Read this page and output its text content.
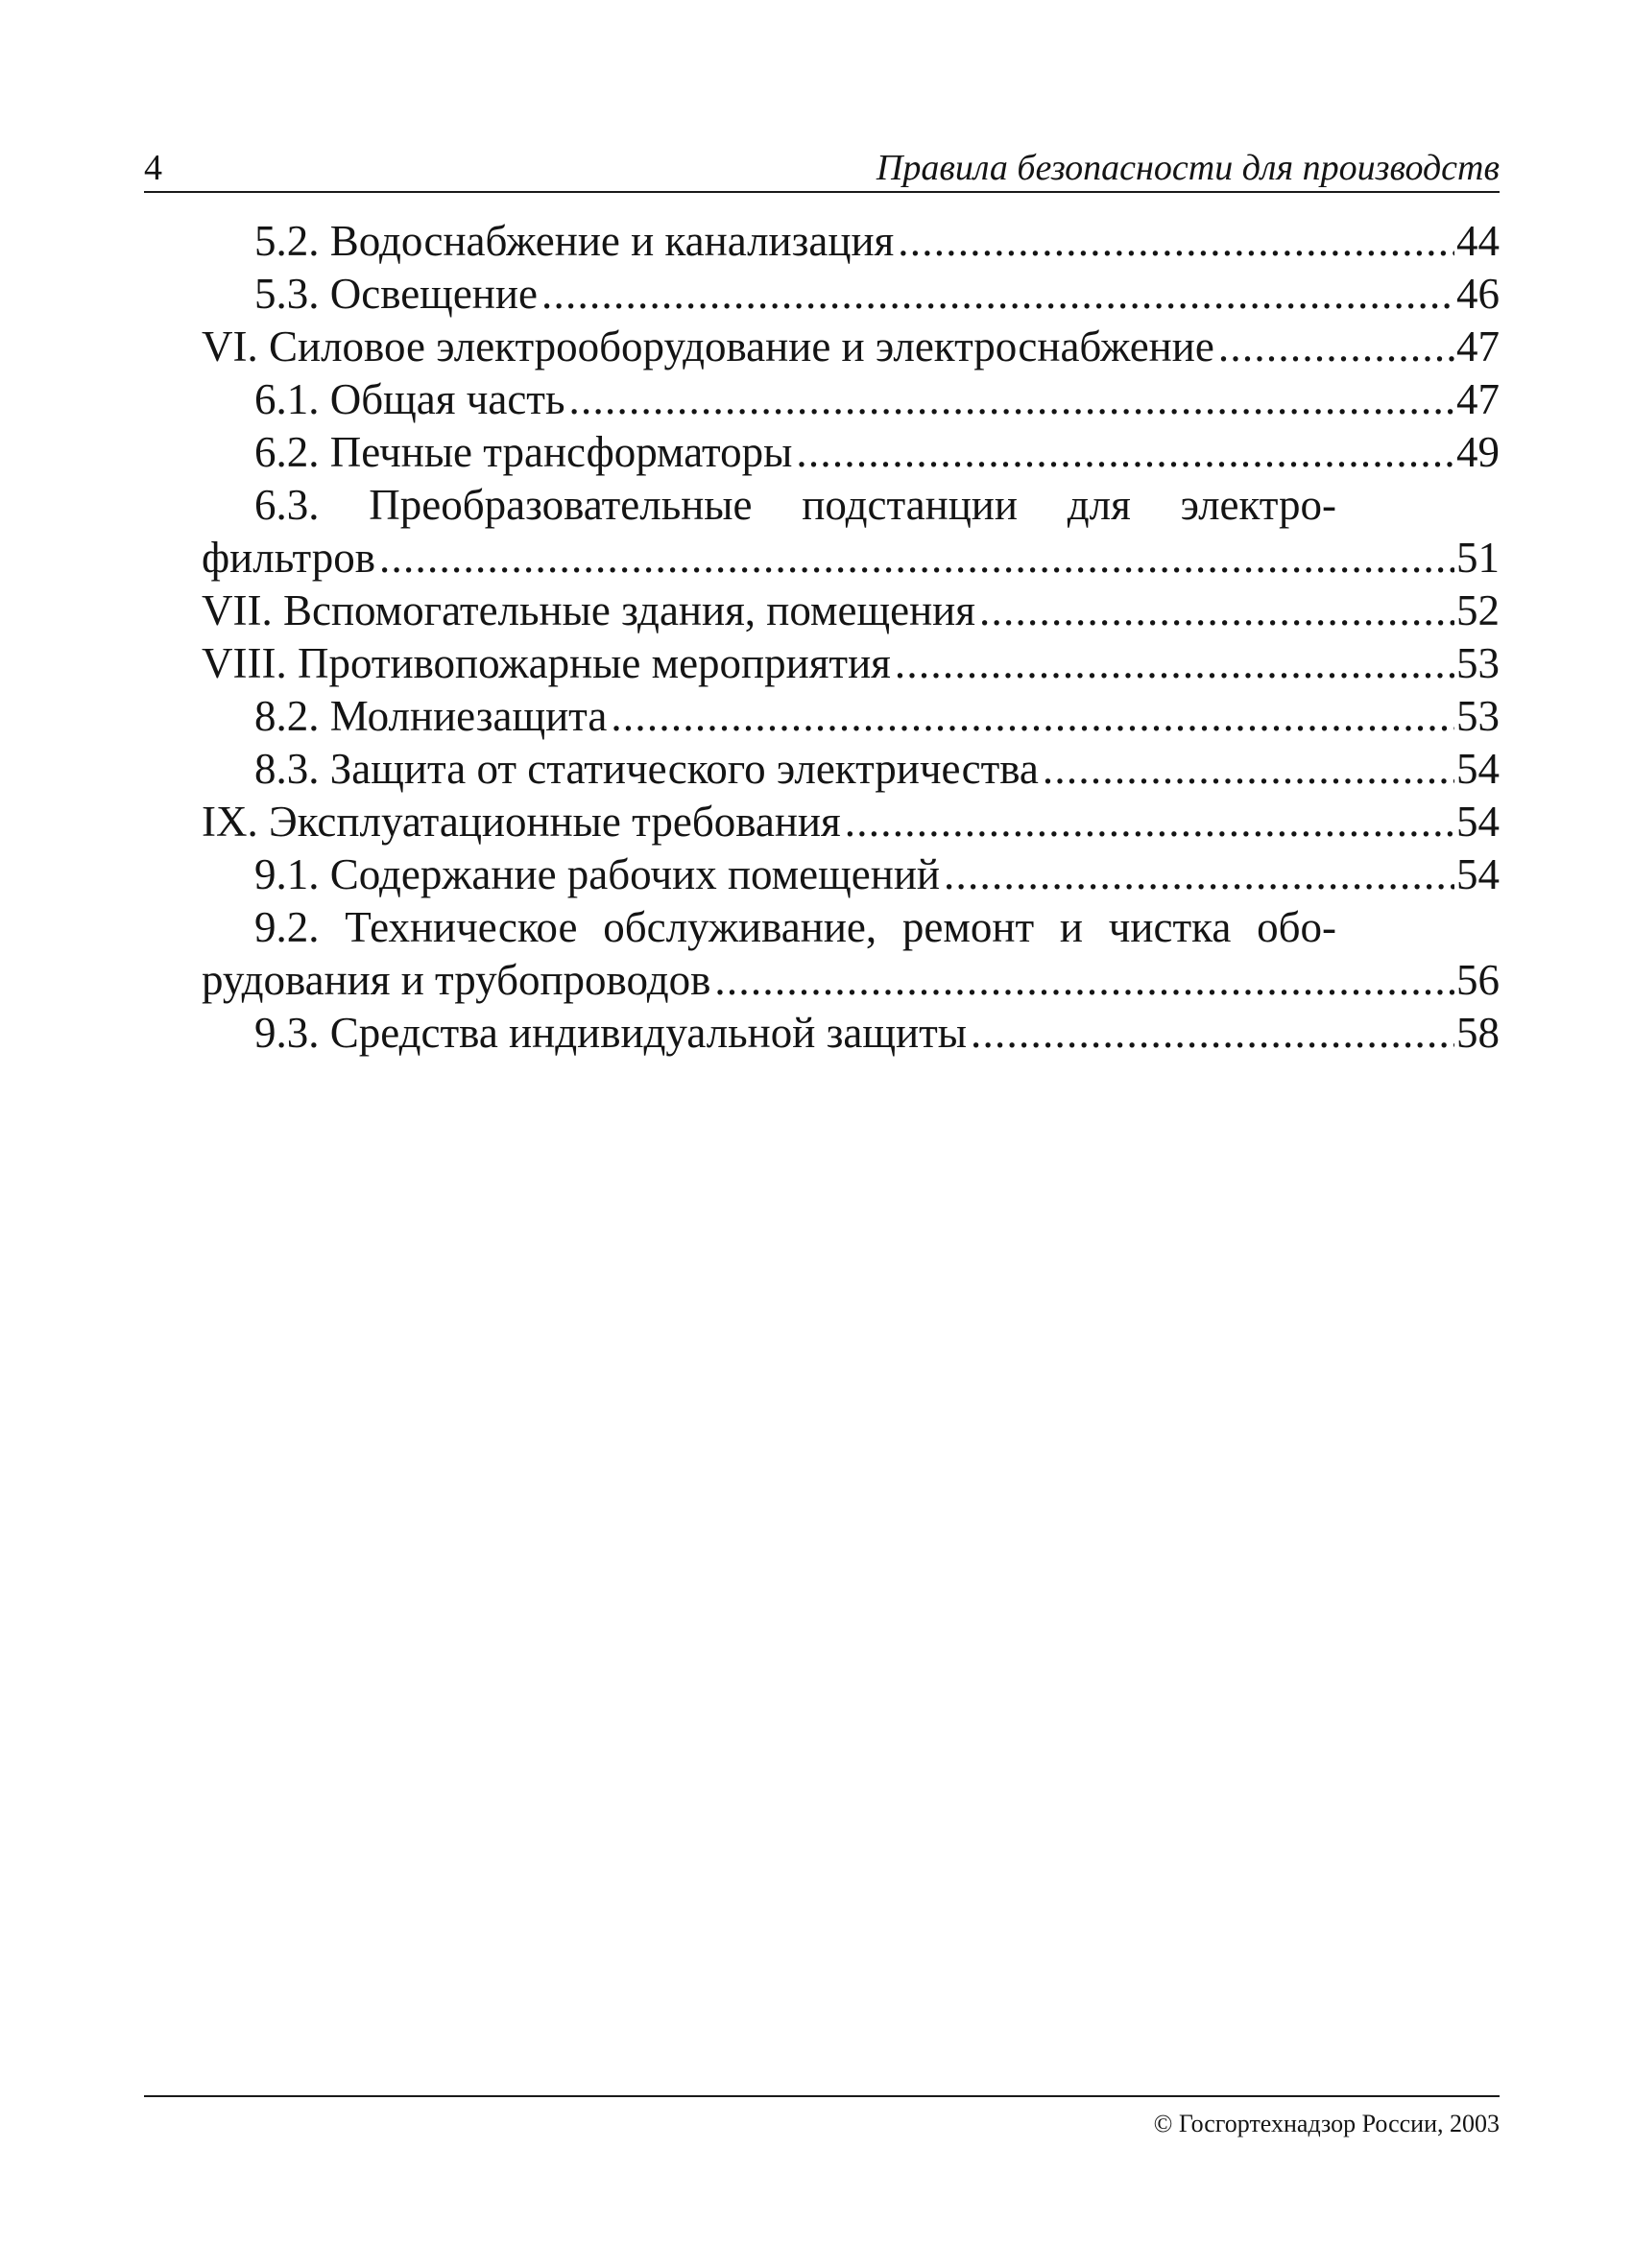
4	Правила безопасности для производств
5.2. Водоснабжение и канализация . . .	44
5.3. Освещение . . .	46
VI. Силовое электрооборудование и электроснабжение . . .	47
6.1. Общая часть . . .	47
6.2. Печные трансформаторы . . .	49
6.3. Преобразовательные подстанции для электро-
фильтров . . .	51
VII. Вспомогательные здания, помещения . . .	52
VIII. Противопожарные мероприятия . . .	53
8.2. Молниезащита . . .	53
8.3. Защита от статического электричества . . .	54
IX. Эксплуатационные требования . . .	54
9.1. Содержание рабочих помещений . . .	54
9.2. Техническое обслуживание, ремонт и чистка обо-
рудования и трубопроводов . . .	56
9.3. Средства индивидуальной защиты . . .	58
© Госгортехнадзор России, 2003
